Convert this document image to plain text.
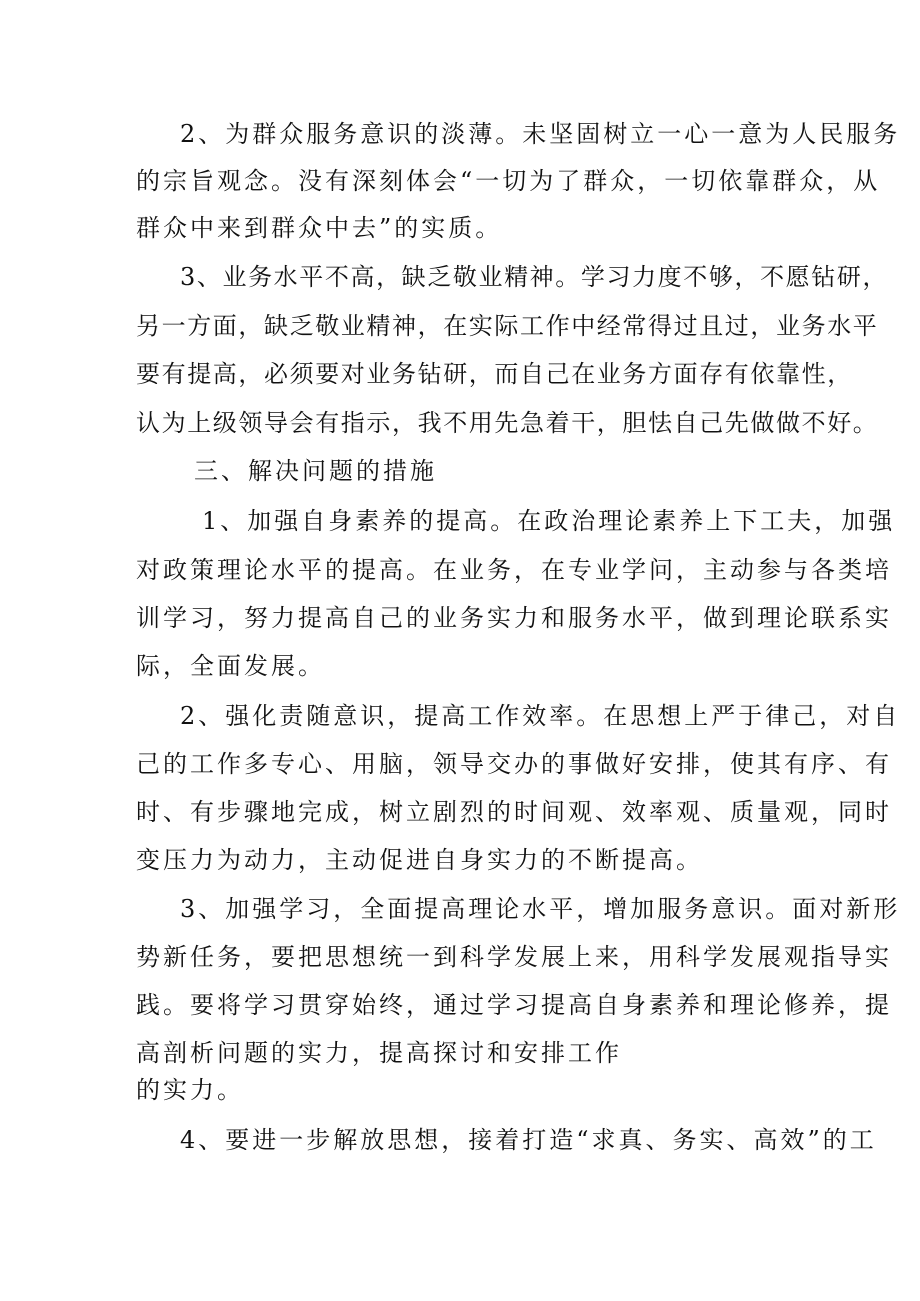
2、为群众服务意识的淡薄。未坚固树立一心一意为人民服务
的宗旨观念。没有深刻体会“一切为了群众，一切依靠群众，从
群众中来到群众中去”的实质。
3、业务水平不高，缺乏敬业精神。学习力度不够，不愿钻研，
另一方面，缺乏敬业精神，在实际工作中经常得过且过，业务水平
要有提高，必须要对业务钻研，而自己在业务方面存有依靠性，
认为上级领导会有指示，我不用先急着干，胆怯自己先做做不好。
三、解决问题的措施
1、加强自身素养的提高。在政治理论素养上下工夫，加强
对政策理论水平的提高。在业务，在专业学问，主动参与各类培
训学习，努力提高自己的业务实力和服务水平，做到理论联系实
际，全面发展。
2、强化责随意识，提高工作效率。在思想上严于律己，对自
己的工作多专心、用脑，领导交办的事做好安排，使其有序、有
时、有步骤地完成，树立剧烈的时间观、效率观、质量观，同时
变压力为动力，主动促进自身实力的不断提高。
3、加强学习，全面提高理论水平，增加服务意识。面对新形
势新任务，要把思想统一到科学发展上来，用科学发展观指导实
践。要将学习贯穿始终，通过学习提高自身素养和理论修养，提
高剖析问题的实力，提高探讨和安排工作
的实力。
4、要进一步解放思想，接着打造“求真、务实、高效”的工
